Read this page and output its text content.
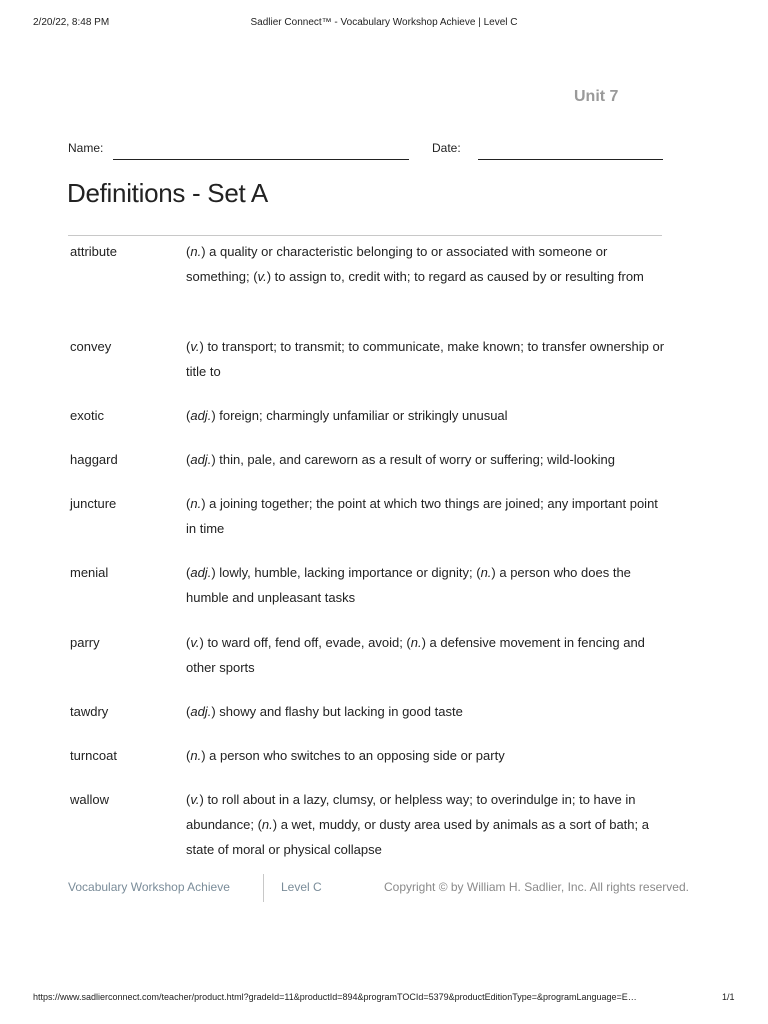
2/20/22, 8:48 PM	Sadlier Connect™ - Vocabulary Workshop Achieve | Level C
Unit 7
Name:	Date:
Definitions - Set A
attribute	(n.) a quality or characteristic belonging to or associated with someone or something; (v.) to assign to, credit with; to regard as caused by or resulting from
convey	(v.) to transport; to transmit; to communicate, make known; to transfer ownership or title to
exotic	(adj.) foreign; charmingly unfamiliar or strikingly unusual
haggard	(adj.) thin, pale, and careworn as a result of worry or suffering; wild-looking
juncture	(n.) a joining together; the point at which two things are joined; any important point in time
menial	(adj.) lowly, humble, lacking importance or dignity; (n.) a person who does the humble and unpleasant tasks
parry	(v.) to ward off, fend off, evade, avoid; (n.) a defensive movement in fencing and other sports
tawdry	(adj.) showy and flashy but lacking in good taste
turncoat	(n.) a person who switches to an opposing side or party
wallow	(v.) to roll about in a lazy, clumsy, or helpless way; to overindulge in; to have in abundance; (n.) a wet, muddy, or dusty area used by animals as a sort of bath; a state of moral or physical collapse
Vocabulary Workshop Achieve	Level C	Copyright © by William H. Sadlier, Inc. All rights reserved.
https://www.sadlierconnect.com/teacher/product.html?gradeId=11&productId=894&programTOCId=5379&productEditionType=&programLanguage=E…	1/1
